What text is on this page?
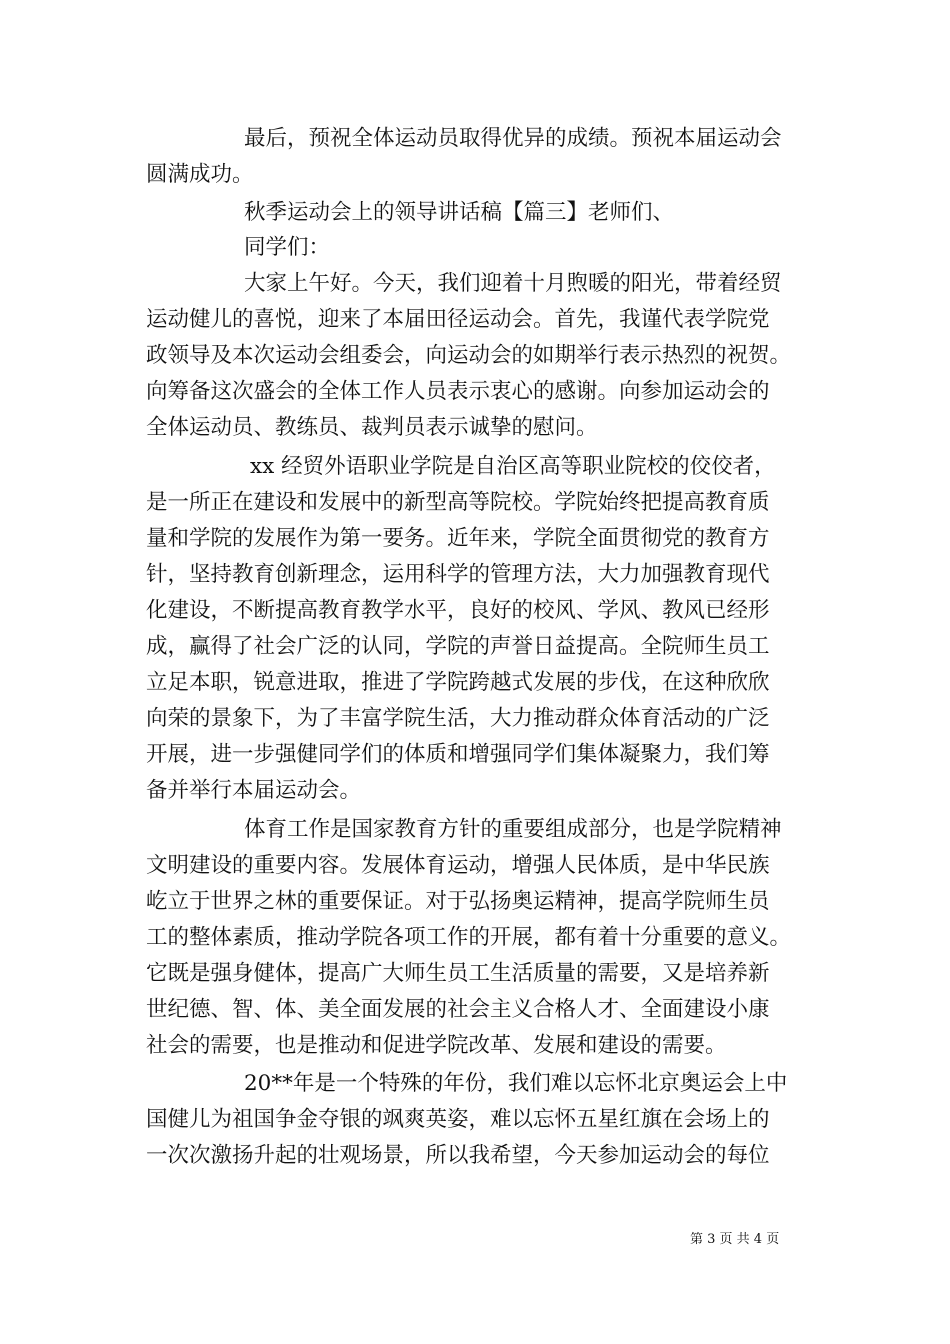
最后，预祝全体运动员取得优异的成绩。预祝本届运动会
圆满成功。
秋季运动会上的领导讲话稿【篇三】老师们、
同学们：
大家上午好。今天，我们迎着十月煦暖的阳光，带着经贸
运动健儿的喜悦，迎来了本届田径运动会。首先，我谨代表学院党
政领导及本次运动会组委会，向运动会的如期举行表示热烈的祝贺。
向筹备这次盛会的全体工作人员表示衷心的感谢。向参加运动会的
全体运动员、教练员、裁判员表示诚挚的慰问。
xx 经贸外语职业学院是自治区高等职业院校的佼佼者，
是一所正在建设和发展中的新型高等院校。学院始终把提高教育质
量和学院的发展作为第一要务。近年来，学院全面贯彻党的教育方
针，坚持教育创新理念，运用科学的管理方法，大力加强教育现代
化建设，不断提高教育教学水平，良好的校风、学风、教风已经形
成，赢得了社会广泛的认同，学院的声誉日益提高。全院师生员工
立足本职，锐意进取，推进了学院跨越式发展的步伐，在这种欣欣
向荣的景象下，为了丰富学院生活，大力推动群众体育活动的广泛
开展，进一步强健同学们的体质和增强同学们集体凝聚力，我们筹
备并举行本届运动会。
体育工作是国家教育方针的重要组成部分，也是学院精神
文明建设的重要内容。发展体育运动，增强人民体质，是中华民族
屹立于世界之林的重要保证。对于弘扬奥运精神，提高学院师生员
工的整体素质，推动学院各项工作的开展，都有着十分重要的意义。
它既是强身健体，提高广大师生员工生活质量的需要，又是培养新
世纪德、智、体、美全面发展的社会主义合格人才、全面建设小康
社会的需要，也是推动和促进学院改革、发展和建设的需要。
20**年是一个特殊的年份，我们难以忘怀北京奥运会上中
国健儿为祖国争金夺银的飒爽英姿，难以忘怀五星红旗在会场上的
一次次激扬升起的壮观场景，所以我希望，今天参加运动会的每位
第 3 页 共 4 页
